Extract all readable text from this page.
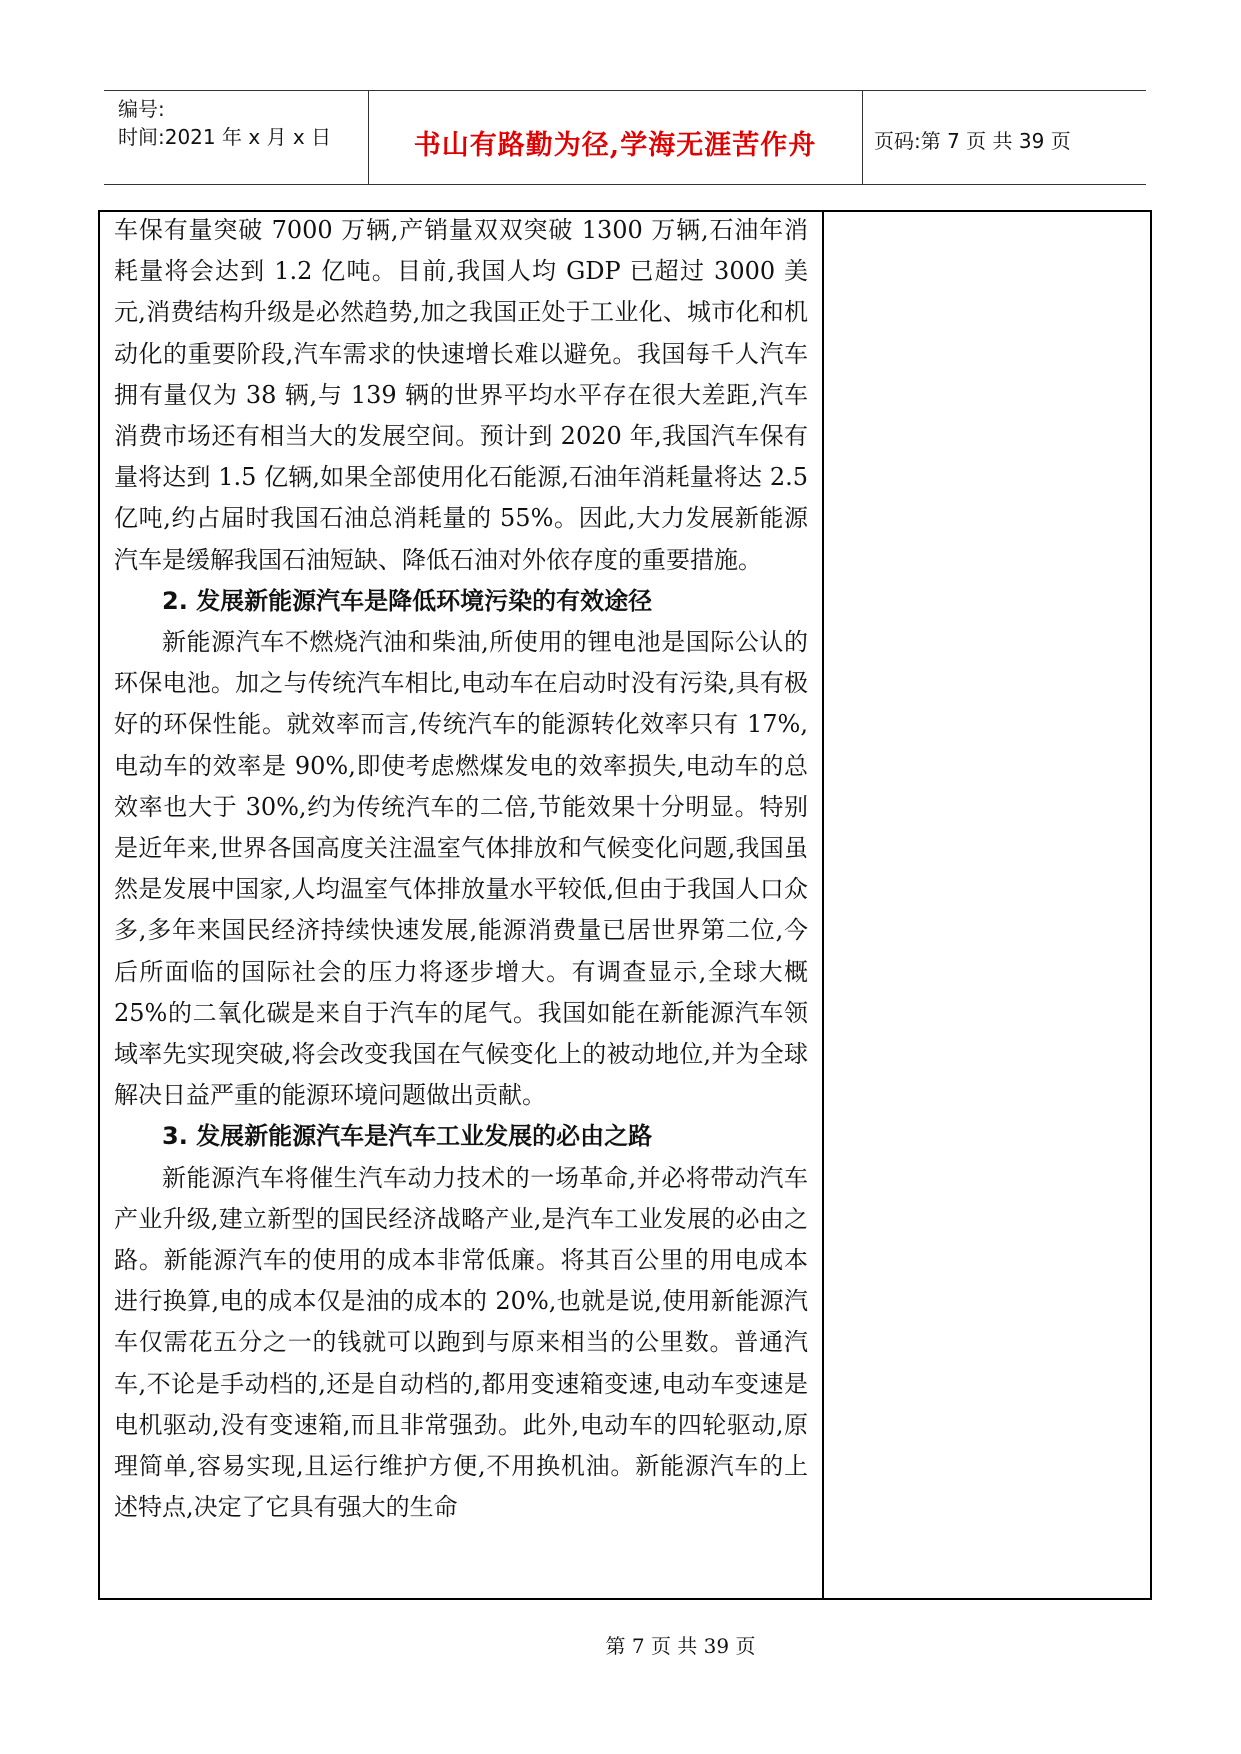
编号:
时间:2021 年 x 月 x 日	书山有路勤为径,学海无涯苦作舟	页码:第 7 页 共 39 页

车保有量突破 7000 万辆,产销量双双突破 1300 万辆,石油年消耗量将会达到 1.2 亿吨。目前,我国人均 GDP 已超过 3000 美元,消费结构升级是必然趋势,加之我国正处于工业化、城市化和机动化的重要阶段,汽车需求的快速增长难以避免。我国每千人汽车拥有量仅为 38 辆,与 139 辆的世界平均水平存在很大差距,汽车消费市场还有相当大的发展空间。预计到 2020 年,我国汽车保有量将达到 1.5 亿辆,如果全部使用化石能源,石油年消耗量将达 2.5 亿吨,约占届时我国石油总消耗量的 55%。因此,大力发展新能源汽车是缓解我国石油短缺、降低石油对外依存度的重要措施。

2. 发展新能源汽车是降低环境污染的有效途径

新能源汽车不燃烧汽油和柴油,所使用的锂电池是国际公认的环保电池。加之与传统汽车相比,电动车在启动时没有污染,具有极好的环保性能。就效率而言,传统汽车的能源转化效率只有 17%,电动车的效率是 90%,即使考虑燃煤发电的效率损失,电动车的总效率也大于 30%,约为传统汽车的二倍,节能效果十分明显。特别是近年来,世界各国高度关注温室气体排放和气候变化问题,我国虽然是发展中国家,人均温室气体排放量水平较低,但由于我国人口众多,多年来国民经济持续快速发展,能源消费量已居世界第二位,今后所面临的国际社会的压力将逐步增大。有调查显示,全球大概 25%的二氧化碳是来自于汽车的尾气。我国如能在新能源汽车领域率先实现突破,将会改变我国在气候变化上的被动地位,并为全球解决日益严重的能源环境问题做出贡献。

3. 发展新能源汽车是汽车工业发展的必由之路

新能源汽车将催生汽车动力技术的一场革命,并必将带动汽车产业升级,建立新型的国民经济战略产业,是汽车工业发展的必由之路。新能源汽车的使用的成本非常低廉。将其百公里的用电成本进行换算,电的成本仅是油的成本的 20%,也就是说,使用新能源汽车仅需花五分之一的钱就可以跑到与原来相当的公里数。普通汽车,不论是手动档的,还是自动档的,都用变速箱变速,电动车变速是电机驱动,没有变速箱,而且非常强劲。此外,电动车的四轮驱动,原理简单,容易实现,且运行维护方便,不用换机油。新能源汽车的上述特点,决定了它具有强大的生命

第 7 页 共 39 页
